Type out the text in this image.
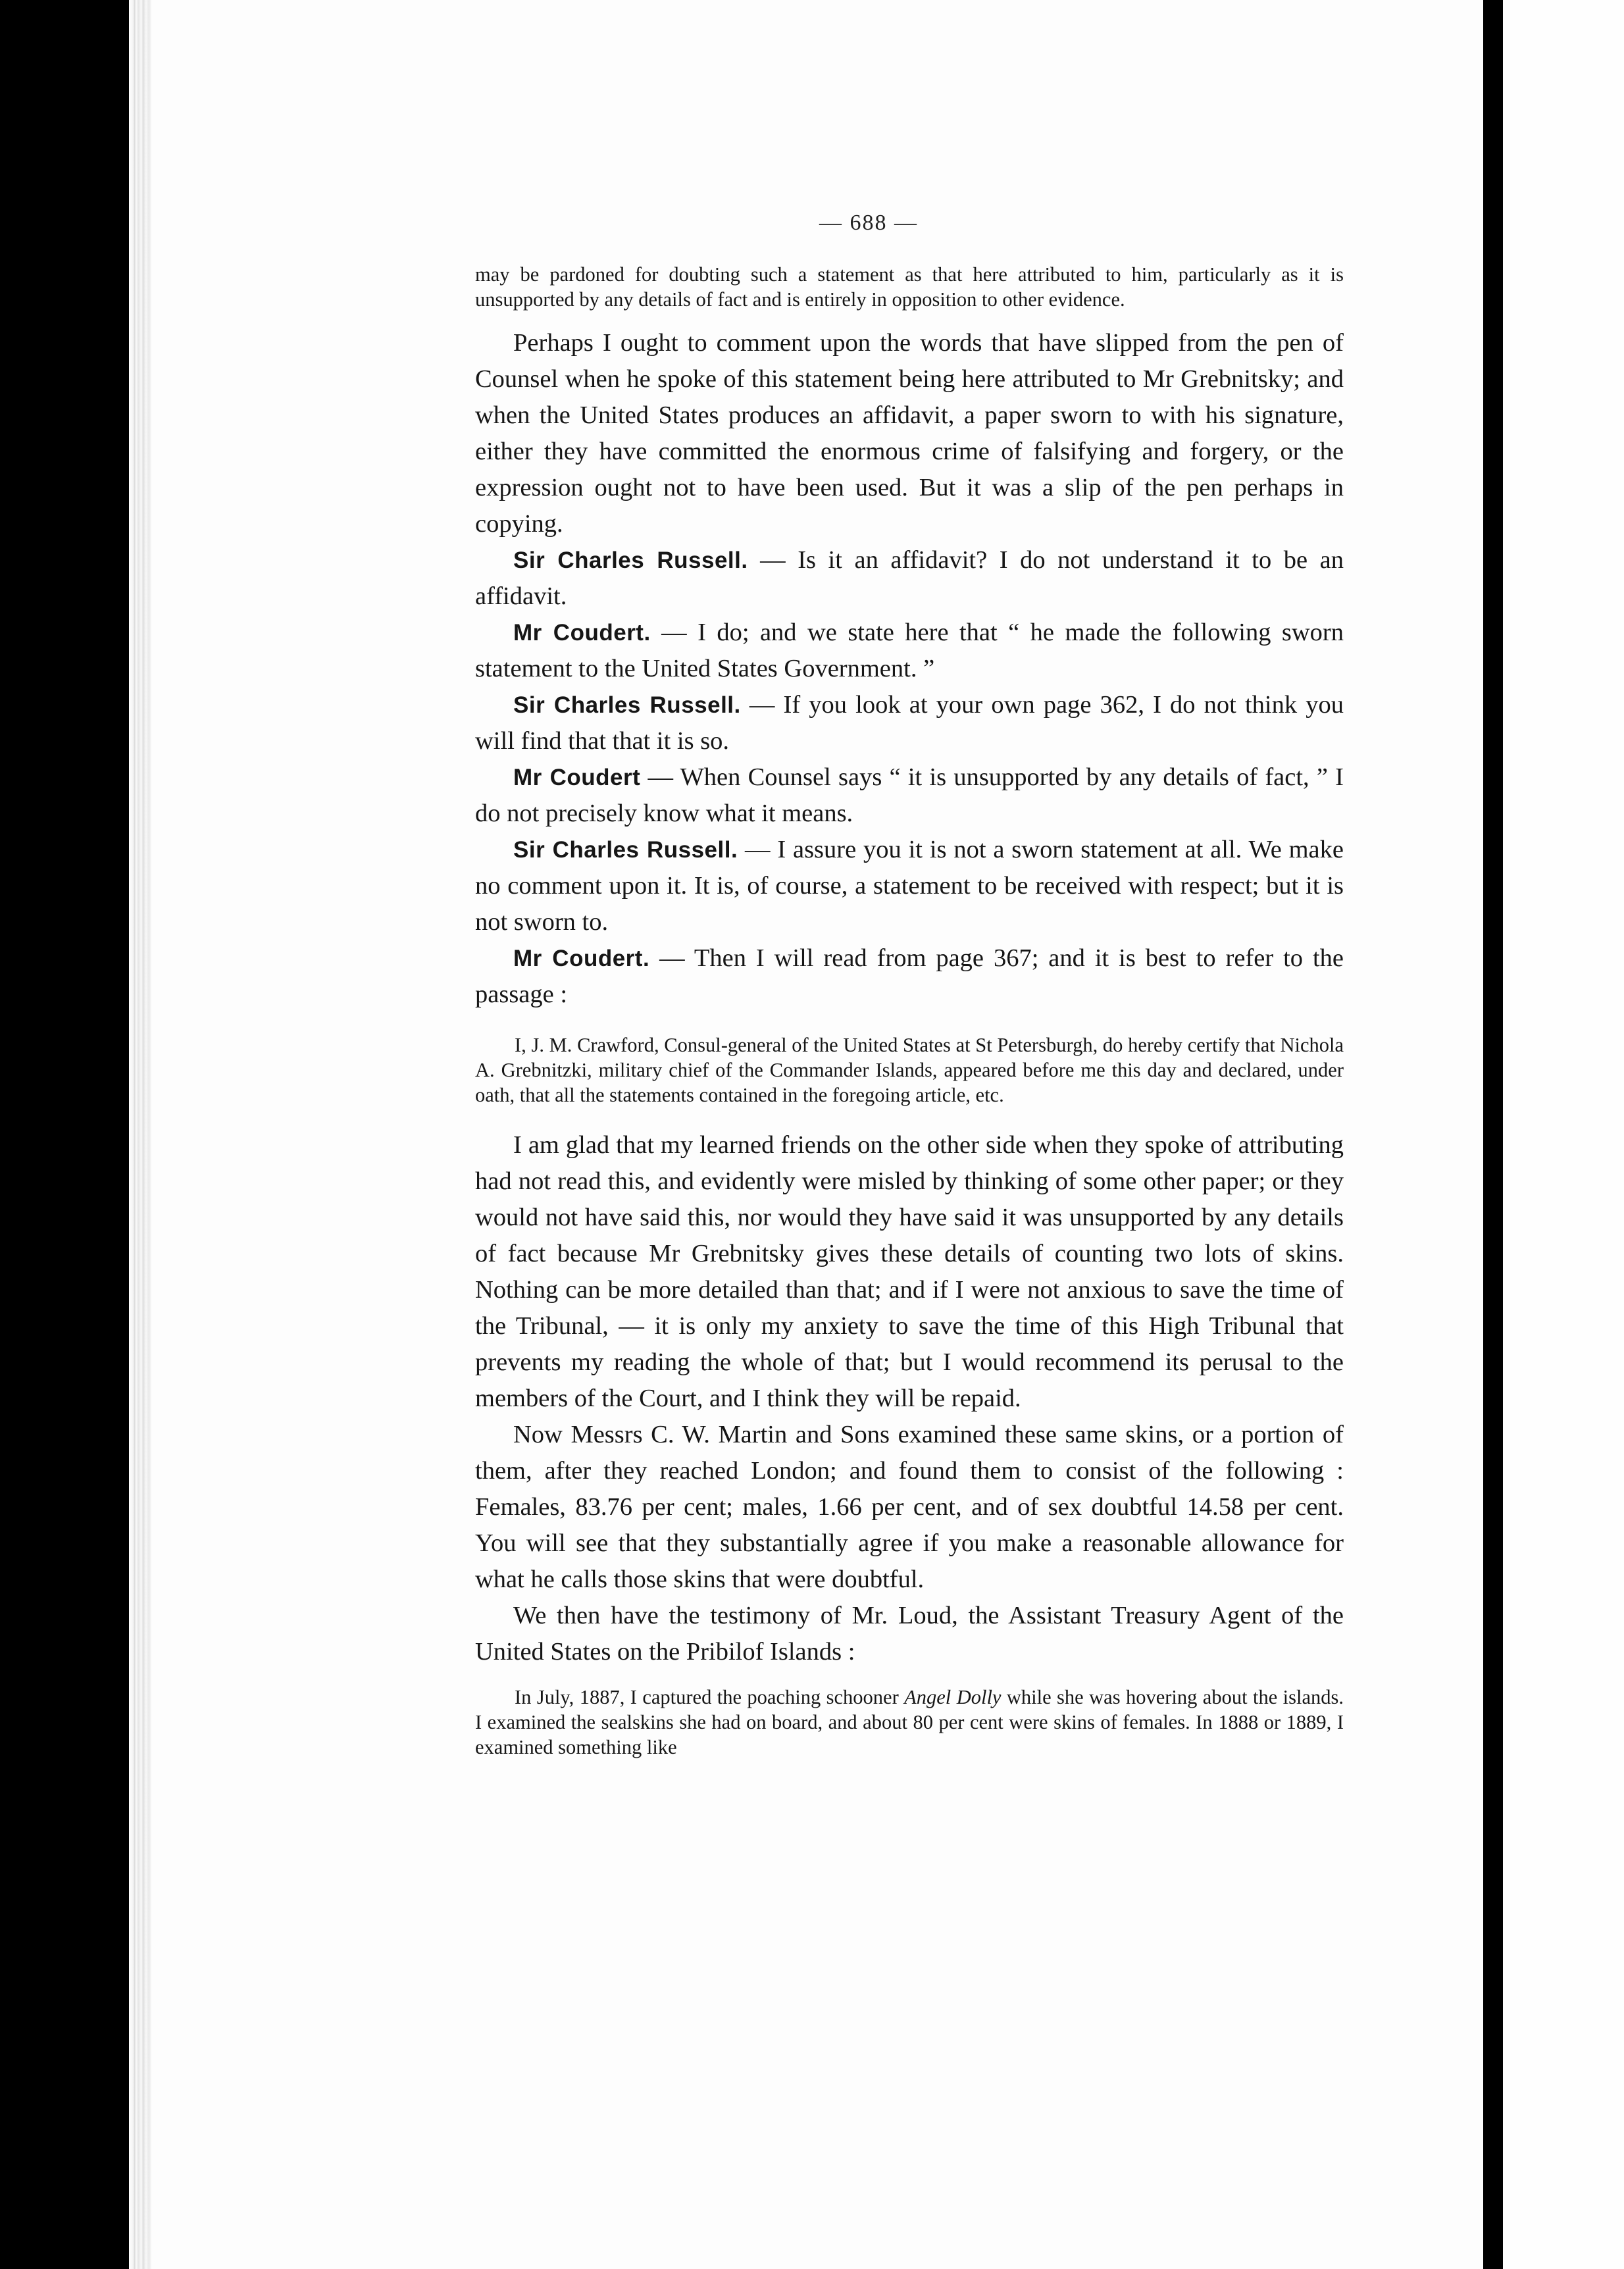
— 688 —

may be pardoned for doubting such a statement as that here attributed to him, particularly as it is unsupported by any details of fact and is entirely in opposition to other evidence.

Perhaps I ought to comment upon the words that have slipped from the pen of Counsel when he spoke of this statement being here attributed to Mr Grebnitsky; and when the United States produces an affidavit, a paper sworn to with his signature, either they have committed the enormous crime of falsifying and forgery, or the expression ought not to have been used. But it was a slip of the pen perhaps in copying.

Sir Charles Russell. — Is it an affidavit? I do not understand it to be an affidavit.

Mr Coudert. — I do; and we state here that “ he made the following sworn statement to the United States Government. ”

Sir Charles Russell. — If you look at your own page 362, I do not think you will find that that it is so.

Mr Coudert — When Counsel says “ it is unsupported by any details of fact, ” I do not precisely know what it means.

Sir Charles Russell. — I assure you it is not a sworn statement at all. We make no comment upon it. It is, of course, a statement to be received with respect; but it is not sworn to.

Mr Coudert. — Then I will read from page 367; and it is best to refer to the passage :

I, J. M. Crawford, Consul-general of the United States at St Petersburgh, do hereby certify that Nichola A. Grebnitzki, military chief of the Commander Islands, appeared before me this day and declared, under oath, that all the statements contained in the foregoing article, etc.

I am glad that my learned friends on the other side when they spoke of attributing had not read this, and evidently were misled by thinking of some other paper; or they would not have said this, nor would they have said it was unsupported by any details of fact because Mr Grebnitsky gives these details of counting two lots of skins. Nothing can be more detailed than that; and if I were not anxious to save the time of the Tribunal, — it is only my anxiety to save the time of this High Tribunal that prevents my reading the whole of that; but I would recommend its perusal to the members of the Court, and I think they will be repaid.

Now Messrs C. W. Martin and Sons examined these same skins, or a portion of them, after they reached London; and found them to consist of the following : Females, 83.76 per cent; males, 1.66 per cent, and of sex doubtful 14.58 per cent. You will see that they substantially agree if you make a reasonable allowance for what he calls those skins that were doubtful.

We then have the testimony of Mr. Loud, the Assistant Treasury Agent of the United States on the Pribilof Islands :

In July, 1887, I captured the poaching schooner Angel Dolly while she was hovering about the islands. I examined the sealskins she had on board, and about 80 per cent were skins of females. In 1888 or 1889, I examined something like
